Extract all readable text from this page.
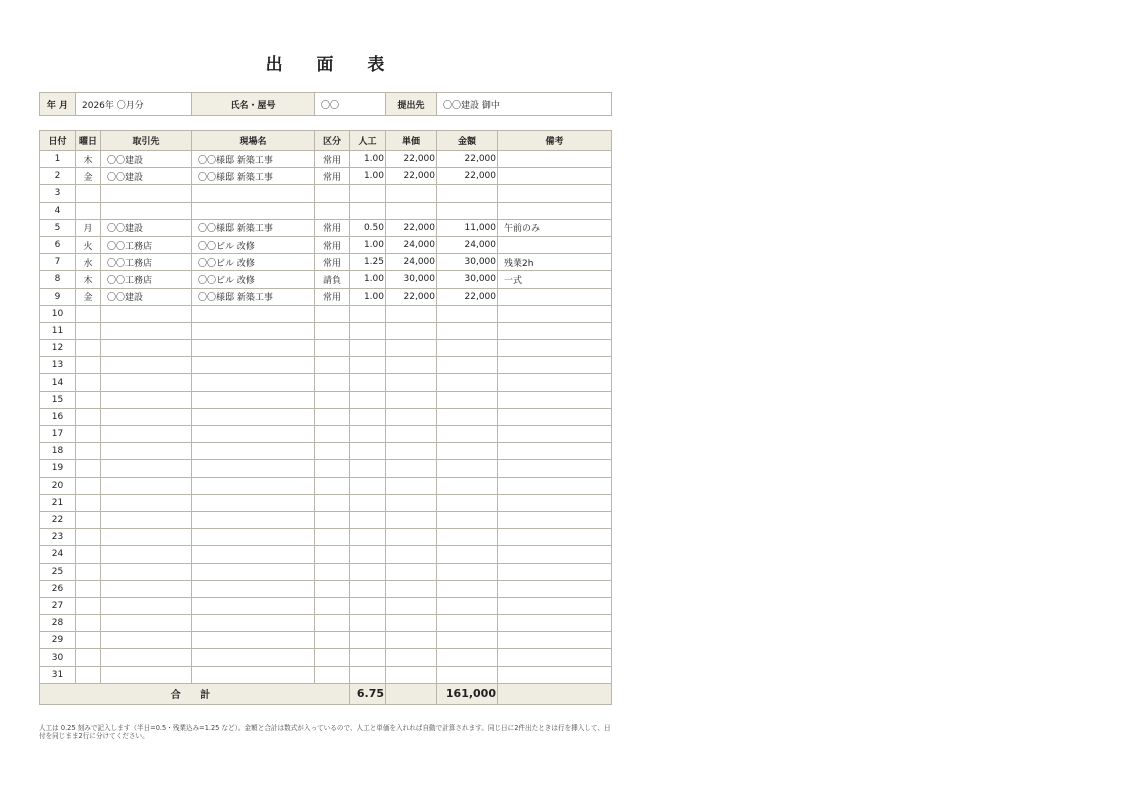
出 面 表
年 月	2026年 〇月分	氏名・屋号	〇〇	提出先	〇〇建設 御中
日付	曜日	取引先	現場名	区分	人工	単価	金額	備考
1	木	〇〇建設	〇〇様邸 新築工事	常用	1.00	22,000	22,000	
2	金	〇〇建設	〇〇様邸 新築工事	常用	1.00	22,000	22,000	
3								
4								
5	月	〇〇建設	〇〇様邸 新築工事	常用	0.50	22,000	11,000	午前のみ
6	火	〇〇工務店	〇〇ビル 改修	常用	1.00	24,000	24,000	
7	水	〇〇工務店	〇〇ビル 改修	常用	1.25	24,000	30,000	残業2h
8	木	〇〇工務店	〇〇ビル 改修	請負	1.00	30,000	30,000	一式
9	金	〇〇建設	〇〇様邸 新築工事	常用	1.00	22,000	22,000	
10								
11								
12								
13								
14								
15								
16								
17								
18								
19								
20								
21								
22								
23								
24								
25								
26								
27								
28								
29								
30								
31								
合 計					6.75		161,000	
人工は 0.25 刻みで記入します（半日=0.5・残業込み=1.25 など）。金額と合計は数式が入っているので、人工と単価を入れれば自動で計算されます。同じ日に2件出たときは行を挿入して、日付を同じまま2行に分けてください。
